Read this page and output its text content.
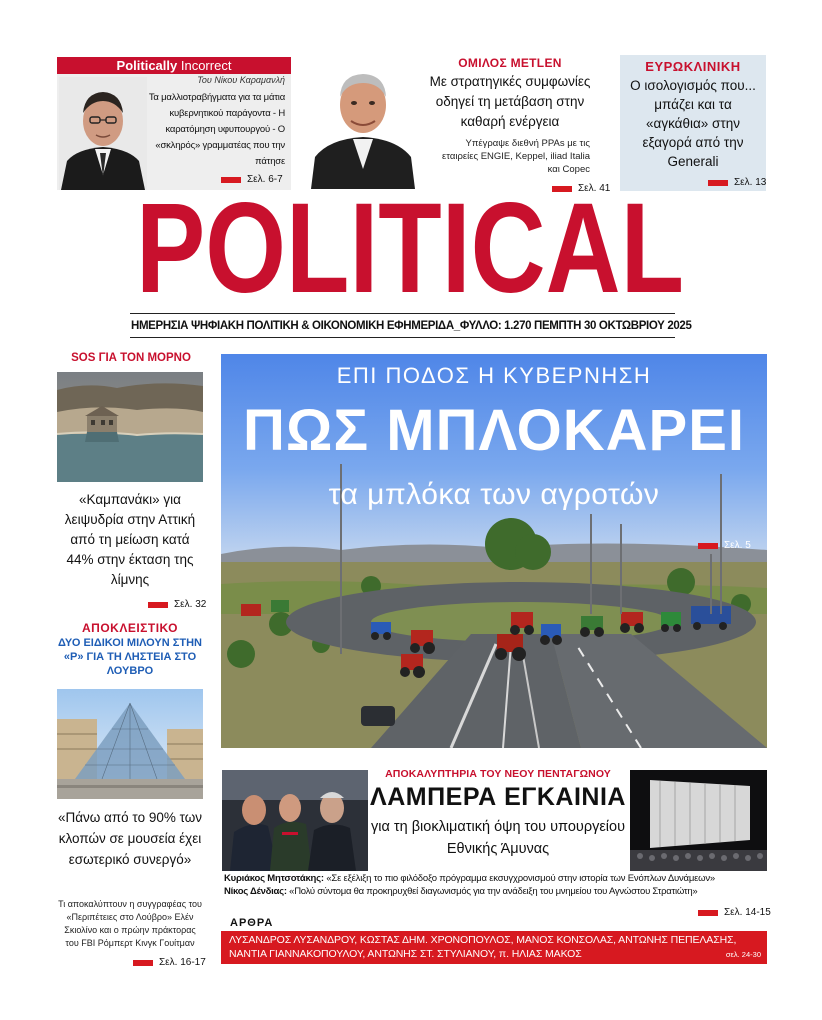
Politically Incorrect
Του Νίκου Καραμανλή
Τα μαλλιοτραβήγματα για τα μάτια κυβερνητικού παράγοντα - Η καρατόμηση υφυπουργού - Ο «σκληρός» γραμματέας που την πάτησε
Σελ. 6-7
ΟΜΙΛΟΣ METLEN
Με στρατηγικές συμφωνίες οδηγεί τη μετάβαση στην καθαρή ενέργεια
Υπέγραψε διεθνή PPAs με τις εταιρείες ENGIE, Keppel, iliad Italia και Copec
Σελ. 41
ΕΥΡΩΚΛΙΝΙΚΗ
Ο ισολογισμός που... μπάζει και τα «αγκάθια» στην εξαγορά από την Generali
Σελ. 13
POLITICAL
ΗΜΕΡΗΣΙΑ ΨΗΦΙΑΚΗ ΠΟΛΙΤΙΚΗ & ΟΙΚΟΝΟΜΙΚΗ ΕΦΗΜΕΡΙΔΑ_ΦΥΛΛΟ: 1.270 ΠΕΜΠΤΗ 30 ΟΚΤΩΒΡΙΟΥ 2025
SOS ΓΙΑ ΤΟΝ ΜΟΡΝΟ
«Καμπανάκι» για λειψυδρία στην Αττική από τη μείωση κατά 44% στην έκταση της λίμνης
Σελ. 32
ΑΠΟΚΛΕΙΣΤΙΚΟ
ΔΥΟ ΕΙΔΙΚΟΙ ΜΙΛΟΥΝ ΣΤΗΝ «Ρ» ΓΙΑ ΤΗ ΛΗΣΤΕΙΑ ΣΤΟ ΛΟΥΒΡΟ
«Πάνω από το 90% των κλοπών σε μουσεία έχει εσωτερικό συνεργό»
Τι αποκαλύπτουν η συγγραφέας του «Περιπέτειες στο Λούβρο» Ελέν Σκιολίνο και ο πρώην πράκτορας του FBI Ρόμπερτ Κινγκ Γουίτμαν
Σελ. 16-17
ΕΠΙ ΠΟΔΟΣ Η ΚΥΒΕΡΝΗΣΗ
ΠΩΣ ΜΠΛΟΚΑΡΕΙ
τα μπλόκα των αγροτών
Σελ. 5
ΑΠΟΚΑΛΥΠΤΗΡΙΑ ΤΟΥ ΝΕΟΥ ΠΕΝΤΑΓΩΝΟΥ
ΛΑΜΠΕΡΑ ΕΓΚΑΙΝΙΑ
για τη βιοκλιματική όψη του υπουργείου Εθνικής Άμυνας
Κυριάκος Μητσοτάκης: «Σε εξέλιξη το πιο φιλόδοξο πρόγραμμα εκσυγχρονισμού στην ιστορία των Ενόπλων Δυνάμεων»
Νίκος Δένδιας: «Πολύ σύντομα θα προκηρυχθεί διαγωνισμός για την ανάδειξη του μνημείου του Αγνώστου Στρατιώτη»
Σελ. 14-15
ΑΡΘΡΑ
ΛΥΣΑΝΔΡΟΣ ΛΥΣΑΝΔΡΟΥ, ΚΩΣΤΑΣ ΔΗΜ. ΧΡΟΝΟΠΟΥΛΟΣ, ΜΑΝΟΣ ΚΟΝΣΟΛΑΣ, ΑΝΤΩΝΗΣ ΠΕΠΕΛΑΣΗΣ,
ΝΑΝΤΙΑ ΓΙΑΝΝΑΚΟΠΟΥΛΟΥ, ΑΝΤΩΝΗΣ ΣΤ. ΣΤΥΛΙΑΝΟΥ, π. ΗΛΙΑΣ ΜΑΚΟΣ	σελ. 24-30
